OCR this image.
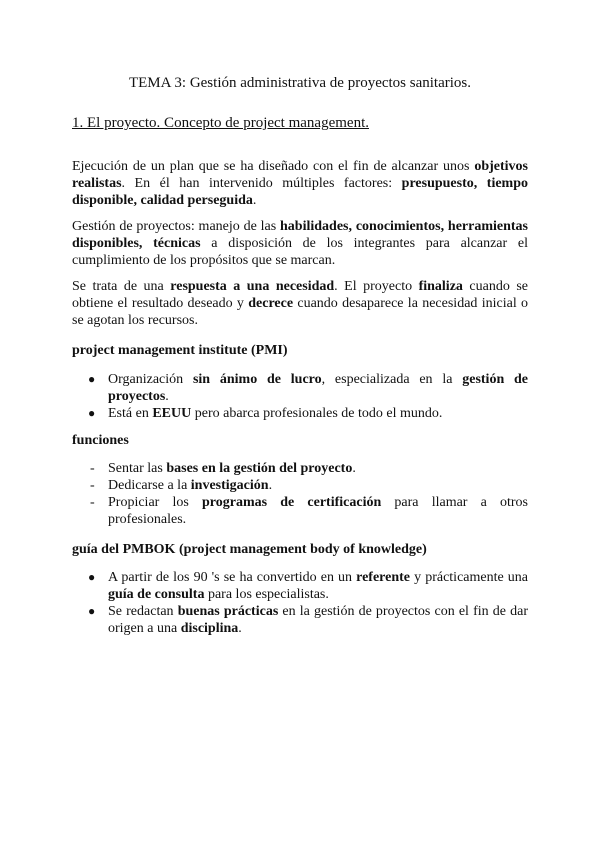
TEMA 3: Gestión administrativa de proyectos sanitarios.
1. El proyecto. Concepto de project management.

Ejecución de un plan que se ha diseñado con el fin de alcanzar unos objetivos realistas. En él han intervenido múltiples factores: presupuesto, tiempo disponible, calidad perseguida.

Gestión de proyectos: manejo de las habilidades, conocimientos, herramientas disponibles, técnicas a disposición de los integrantes para alcanzar el cumplimiento de los propósitos que se marcan.

Se trata de una respuesta a una necesidad. El proyecto finaliza cuando se obtiene el resultado deseado y decrece cuando desaparece la necesidad inicial o se agotan los recursos.

project management institute (PMI)

● Organización sin ánimo de lucro, especializada en la gestión de proyectos.
● Está en EEUU pero abarca profesionales de todo el mundo.

funciones

- Sentar las bases en la gestión del proyecto.
- Dedicarse a la investigación.
- Propiciar los programas de certificación para llamar a otros profesionales.

guía del PMBOK (project management body of knowledge)

● A partir de los 90 's se ha convertido en un referente y prácticamente una guía de consulta para los especialistas.
● Se redactan buenas prácticas en la gestión de proyectos con el fin de dar origen a una disciplina.
